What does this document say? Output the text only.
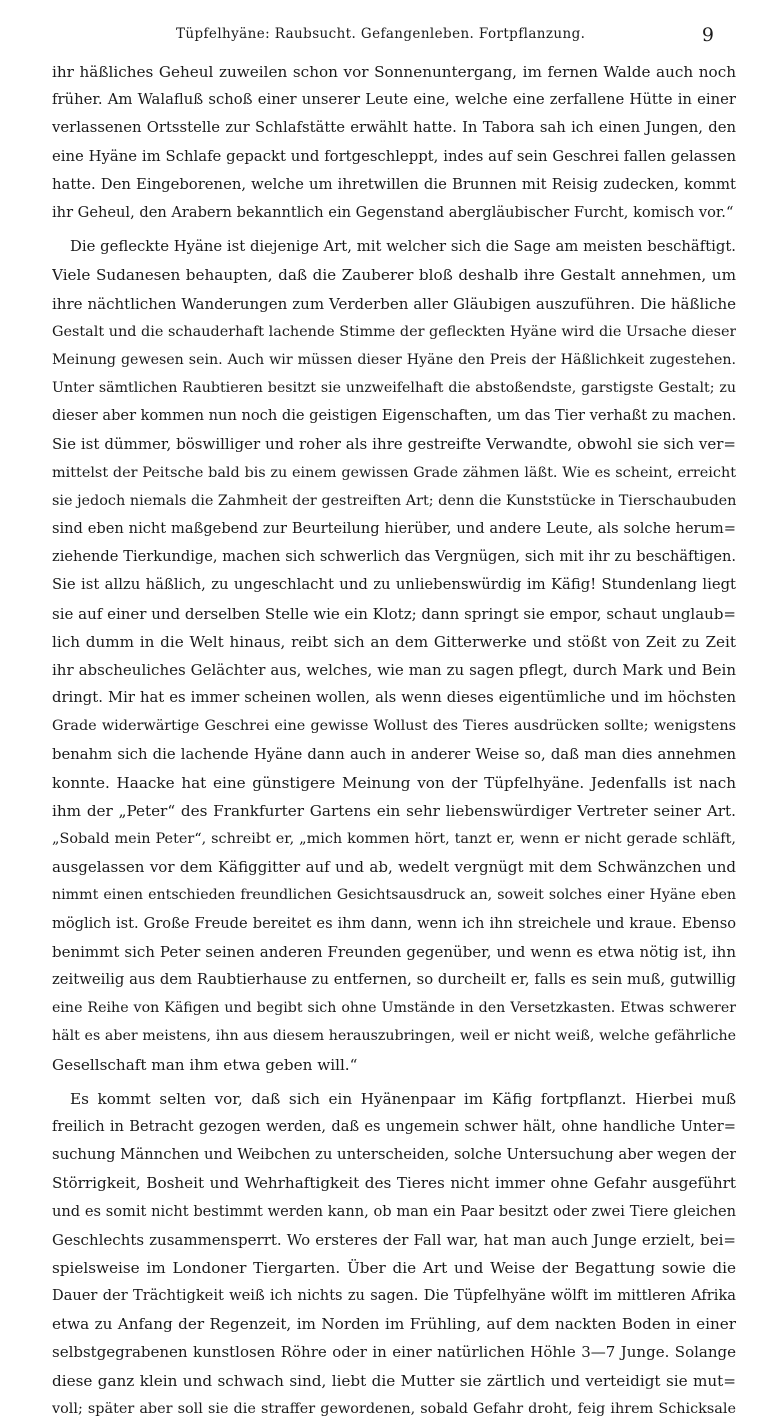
Tüpfelhyäne: Raubsucht. Gefangenleben. Fortpflanzung.	9
ihr häßliches Geheul zuweilen schon vor Sonnenuntergang, im fernen Walde auch noch
früher. Am Walafluß schoß einer unserer Leute eine, welche eine zerfallene Hütte in einer
verlassenen Ortsstelle zur Schlafstätte erwählt hatte. In Tabora sah ich einen Jungen, den
eine Hyäne im Schlafe gepackt und fortgeschleppt, indes auf sein Geschrei fallen gelassen
hatte. Den Eingeborenen, welche um ihretwillen die Brunnen mit Reisig zudecken, kommt
ihr Geheul, den Arabern bekanntlich ein Gegenstand abergläubischer Furcht, komisch vor.“
Die gefleckte Hyäne ist diejenige Art, mit welcher sich die Sage am meisten beschäftigt.
Viele Sudanesen behaupten, daß die Zauberer bloß deshalb ihre Gestalt annehmen, um
ihre nächtlichen Wanderungen zum Verderben aller Gläubigen auszuführen. Die häßliche
Gestalt und die schauderhaft lachende Stimme der gefleckten Hyäne wird die Ursache dieser
Meinung gewesen sein. Auch wir müssen dieser Hyäne den Preis der Häßlichkeit zugestehen.
Unter sämtlichen Raubtieren besitzt sie unzweifelhaft die abstoßendste, garstigste Gestalt; zu
dieser aber kommen nun noch die geistigen Eigenschaften, um das Tier verhaßt zu machen.
Sie ist dümmer, böswilliger und roher als ihre gestreifte Verwandte, obwohl sie sich ver=
mittelst der Peitsche bald bis zu einem gewissen Grade zähmen läßt. Wie es scheint, erreicht
sie jedoch niemals die Zahmheit der gestreiften Art; denn die Kunststücke in Tierschaubuden
sind eben nicht maßgebend zur Beurteilung hierüber, und andere Leute, als solche herum=
ziehende Tierkundige, machen sich schwerlich das Vergnügen, sich mit ihr zu beschäftigen.
Sie ist allzu häßlich, zu ungeschlacht und zu unliebenswürdig im Käfig! Stundenlang liegt
sie auf einer und derselben Stelle wie ein Klotz; dann springt sie empor, schaut unglaub=
lich dumm in die Welt hinaus, reibt sich an dem Gitterwerke und stößt von Zeit zu Zeit
ihr abscheuliches Gelächter aus, welches, wie man zu sagen pflegt, durch Mark und Bein
dringt. Mir hat es immer scheinen wollen, als wenn dieses eigentümliche und im höchsten
Grade widerwärtige Geschrei eine gewisse Wollust des Tieres ausdrücken sollte; wenigstens
benahm sich die lachende Hyäne dann auch in anderer Weise so, daß man dies annehmen
konnte. Haacke hat eine günstigere Meinung von der Tüpfelhyäne. Jedenfalls ist nach
ihm der „Peter“ des Frankfurter Gartens ein sehr liebenswürdiger Vertreter seiner Art.
„Sobald mein Peter“, schreibt er, „mich kommen hört, tanzt er, wenn er nicht gerade schläft,
ausgelassen vor dem Käfiggitter auf und ab, wedelt vergnügt mit dem Schwänzchen und
nimmt einen entschieden freundlichen Gesichtsausdruck an, soweit solches einer Hyäne eben
möglich ist. Große Freude bereitet es ihm dann, wenn ich ihn streichele und kraue. Ebenso
benimmt sich Peter seinen anderen Freunden gegenüber, und wenn es etwa nötig ist, ihn
zeitweilig aus dem Raubtierhause zu entfernen, so durcheilt er, falls es sein muß, gutwillig
eine Reihe von Käfigen und begibt sich ohne Umstände in den Versetzkasten. Etwas schwerer
hält es aber meistens, ihn aus diesem herauszubringen, weil er nicht weiß, welche gefährliche
Gesellschaft man ihm etwa geben will.“
Es kommt selten vor, daß sich ein Hyänenpaar im Käfig fortpflanzt. Hierbei muß
freilich in Betracht gezogen werden, daß es ungemein schwer hält, ohne handliche Unter=
suchung Männchen und Weibchen zu unterscheiden, solche Untersuchung aber wegen der
Störrigkeit, Bosheit und Wehrhaftigkeit des Tieres nicht immer ohne Gefahr ausgeführt
und es somit nicht bestimmt werden kann, ob man ein Paar besitzt oder zwei Tiere gleichen
Geschlechts zusammensperrt. Wo ersteres der Fall war, hat man auch Junge erzielt, bei=
spielsweise im Londoner Tiergarten. Über die Art und Weise der Begattung sowie die
Dauer der Trächtigkeit weiß ich nichts zu sagen. Die Tüpfelhyäne wölft im mittleren Afrika
etwa zu Anfang der Regenzeit, im Norden im Frühling, auf dem nackten Boden in einer
selbstgegrabenen kunstlosen Röhre oder in einer natürlichen Höhle 3—7 Junge. Solange
diese ganz klein und schwach sind, liebt die Mutter sie zärtlich und verteidigt sie mut=
voll; später aber soll sie die straffer gewordenen, sobald Gefahr droht, feig ihrem Schicksale
